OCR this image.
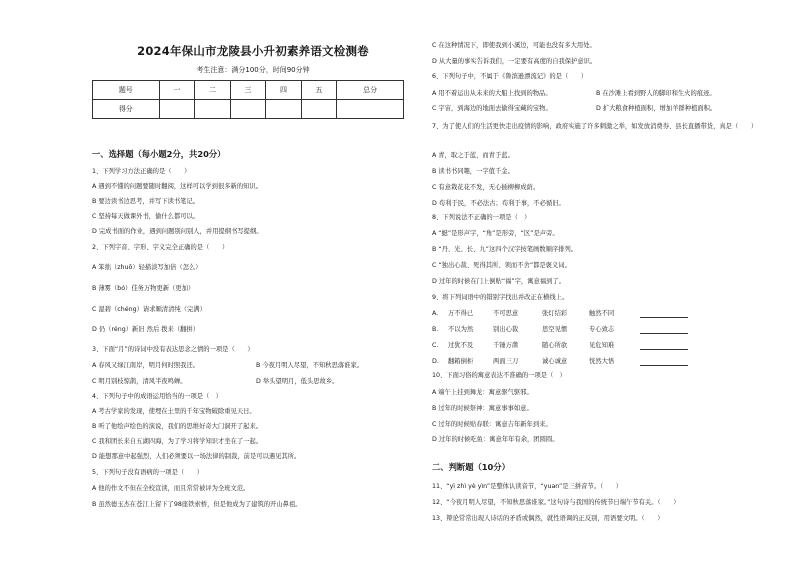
2024年保山市龙陵县小升初素养语文检测卷
考生注意：满分100分，时间90分钟
题号	一	二	三	四	五	总分
得分						
一、选择题（每小题2分，共20分）
1、下列学习方法正确的是（　　）
A 遇到不懂的问题要随时翻阅，这样可以学到很多新的知识。
B 要边读书边思考，并写下读书笔记。
C 坚持每天做课外书，偷什么都可以。
D 完成书面的作业，遇到问题别问别人，并用提纲书写提纲。
2、下列字音、字形、字义完全正确的是（　　）
A 笨拙（zhuō）轻描淡写加倍（怎么）
B 薄雾（bó）佳务万物更新（更加）
C 湿碧（chéng）请求顺清清纯（完满）
D 仍（réng）新旧 然后 拨来（翻拼）
3、下面“月”的诗词中没有表达思念之情的一项是（　　）
A 春风又绿江南岸，明月何时照我还。	B 今夜月明人尽望，不知秋思落谁家。
C 明月别枝惊鹊，清风半夜鸣蝉。	D 举头望明月，低头思故乡。
4、下列句子中的成语运用恰当的一项是（　）
A 考古学家的发现，使埋在土里的千年宝物破除重见天日。
B 听了他绘声绘色的演说，我们的思维好奇大门洞开了起来。
C 我和团长来自五湖四海，为了学习将学知识才坐在了一起。
D 能想那意中起强烈，人们必须要以一场法律的制裁，前是可以遇见其所。
5、下列句子没有语病的一项是（　　）
A 他的作文不但在全校宣读，而且常常被评为全班文范。
B 虽然德玉杰在苍江上留下了98座铁索桥，但是他成为了建筑的开山鼻祖。
C 在这种情况下，即使我到小溪边，可能也没有多大用处。
D 从大量的事实告诉我们，一定要有高度的自我保护意识。
6、下列句子中，不属于《鲁滨逊漂流记》的是（　　）
A 用不着运出从未来的大船上找到的物品。	B 在沙滩上看到野人的脚印和生火的痕迹。
C 宇宙，到海边的地面去偷得宝藏的宝物。	D 扩大粮食种植面积，增加羊群种植面积。
7、为了使人们的生活更快走出疫情的影响，政府实施了许多刺激之举，如发放消费券、县长直播带货，真是（　　）
A 青，取之于蓝，而青于蓝。
B 读书书同趣，一字值千金。
C 有意栽花花不发，无心插柳柳成荫。
D 苟利于民，不必法古；苟利于事，不必循旧。
8、下列说法不正确的一项是（　）
A “蜓”是形声字，“角”是形旁，“区”是声旁。
B “丹、光、长、九”这四个汉字按笔画数顺序排列。
C “独出心裁、死得其所、领而不舍”都是褒义词。
D 过年的时候在门上倒贴“福”字，寓意福到了。
9、将下列词语中的错别字找出并改正在横线上。
A. 万不得已	不可思意	张灯结彩	触然不同
B. 不以为然	别出心裁	思空见惯	专心致志
C. 过犹不及	千锤万凿	随心所欲	见危知难
D. 翻箱倒柜	两面三刀	诚心诚意	恍然大悟
10、下面习俗的寓意表达不准确的一项是（　）
A 端午上挂到舞龙：寓意驱气驱邪。
B 过年的时候祭神：寓意事事如意。
C 过年的时候贴春联：寓意吉年新年到来。
D 过年的时候吃鱼：寓意年年有余，团圆圆。
二、判断题（10分）
11、“yì zhì yè yìn”是整体认读音节，“yuan”是三拼音节。（　　）
12、“今夜月明人尽望，不知秋思落谁家。”这句诗与我国的传统节日端午节有关。（　　）
13、辩论常常出现人诗话的矛盾或偶然，就性语调的正反别，用语要文明。（　　）
